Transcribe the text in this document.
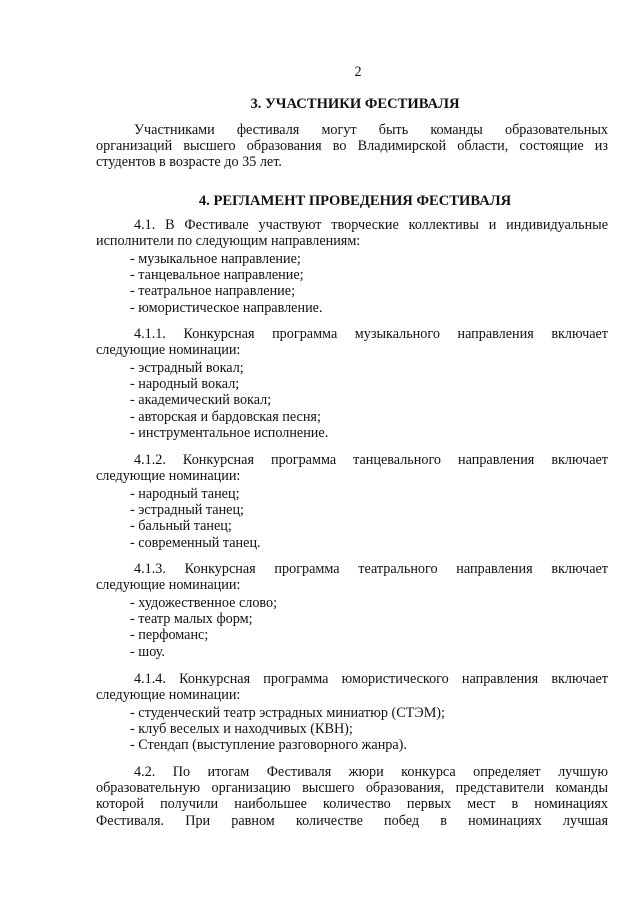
2
3. УЧАСТНИКИ ФЕСТИВАЛЯ
Участниками фестиваля могут быть команды образовательных
организаций высшего образования во Владимирской области, состоящие из
студентов в возрасте до 35 лет.
4. РЕГЛАМЕНТ ПРОВЕДЕНИЯ ФЕСТИВАЛЯ
4.1. В Фестивале участвуют творческие коллективы и индивидуальные
исполнители по следующим направлениям:
- музыкальное направление;
- танцевальное направление;
- театральное направление;
- юмористическое направление.
4.1.1. Конкурсная программа музыкального направления включает
следующие номинации:
- эстрадный вокал;
- народный вокал;
- академический вокал;
- авторская и бардовская песня;
- инструментальное исполнение.
4.1.2. Конкурсная программа танцевального направления включает
следующие номинации:
- народный танец;
- эстрадный танец;
- бальный танец;
- современный танец.
4.1.3. Конкурсная программа театрального направления включает
следующие номинации:
- художественное слово;
- театр малых форм;
- перфоманс;
- шоу.
4.1.4. Конкурсная программа юмористического направления включает
следующие номинации:
- студенческий театр эстрадных миниатюр (СТЭМ);
- клуб веселых и находчивых (КВН);
- Стендап (выступление разговорного жанра).
4.2. По итогам Фестиваля жюри конкурса определяет лучшую
образовательную организацию высшего образования, представители команды
которой получили наибольшее количество первых мест в номинациях
Фестиваля. При равном количестве побед в номинациях лучшая
